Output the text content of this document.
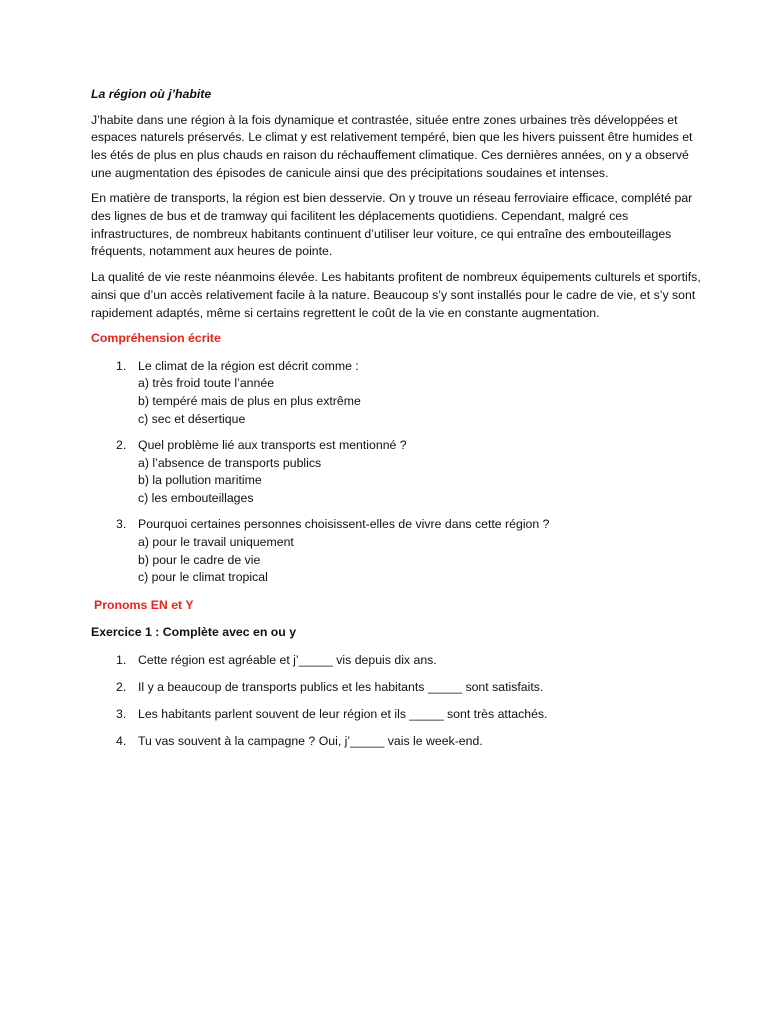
La région où j’habite

J’habite dans une région à la fois dynamique et contrastée, située entre zones urbaines très développées et espaces naturels préservés. Le climat y est relativement tempéré, bien que les hivers puissent être humides et les étés de plus en plus chauds en raison du réchauffement climatique. Ces dernières années, on y a observé une augmentation des épisodes de canicule ainsi que des précipitations soudaines et intenses.

En matière de transports, la région est bien desservie. On y trouve un réseau ferroviaire efficace, complété par des lignes de bus et de tramway qui facilitent les déplacements quotidiens. Cependant, malgré ces infrastructures, de nombreux habitants continuent d’utiliser leur voiture, ce qui entraîne des embouteillages fréquents, notamment aux heures de pointe.

La qualité de vie reste néanmoins élevée. Les habitants profitent de nombreux équipements culturels et sportifs, ainsi que d’un accès relativement facile à la nature. Beaucoup s’y sont installés pour le cadre de vie, et s’y sont rapidement adaptés, même si certains regrettent le coût de la vie en constante augmentation.

Compréhension écrite

1. Le climat de la région est décrit comme :
a) très froid toute l’année
b) tempéré mais de plus en plus extrême
c) sec et désertique
2. Quel problème lié aux transports est mentionné ?
a) l’absence de transports publics
b) la pollution maritime
c) les embouteillages
3. Pourquoi certaines personnes choisissent-elles de vivre dans cette région ?
a) pour le travail uniquement
b) pour le cadre de vie
c) pour le climat tropical

Pronoms EN et Y

Exercice 1 : Complète avec en ou y

1. Cette région est agréable et j’_____ vis depuis dix ans.
2. Il y a beaucoup de transports publics et les habitants _____ sont satisfaits.
3. Les habitants parlent souvent de leur région et ils _____ sont très attachés.
4. Tu vas souvent à la campagne ? Oui, j’_____ vais le week-end.
